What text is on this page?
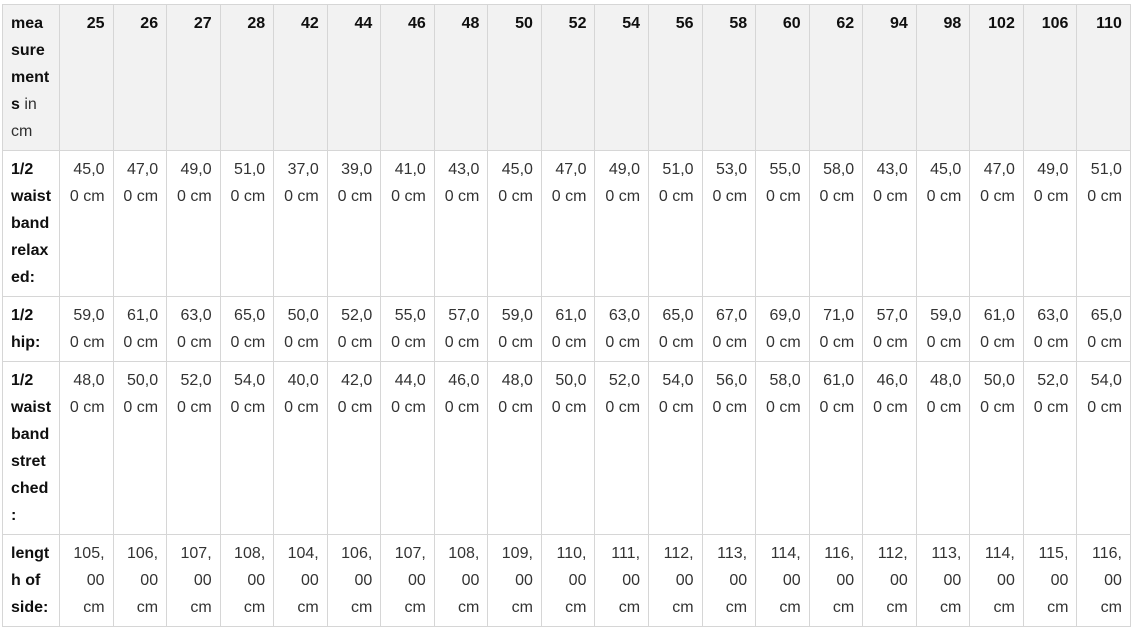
measurements in cm	25	26	27	28	42	44	46	48	50	52	54	56	58	60	62	94	98	102	106	110
1/2 waistband relaxed:	45,00 cm	47,00 cm	49,00 cm	51,00 cm	37,00 cm	39,00 cm	41,00 cm	43,00 cm	45,00 cm	47,00 cm	49,00 cm	51,00 cm	53,00 cm	55,00 cm	58,00 cm	43,00 cm	45,00 cm	47,00 cm	49,00 cm	51,00 cm
1/2 hip:	59,00 cm	61,00 cm	63,00 cm	65,00 cm	50,00 cm	52,00 cm	55,00 cm	57,00 cm	59,00 cm	61,00 cm	63,00 cm	65,00 cm	67,00 cm	69,00 cm	71,00 cm	57,00 cm	59,00 cm	61,00 cm	63,00 cm	65,00 cm
1/2 waistband stretched:	48,00 cm	50,00 cm	52,00 cm	54,00 cm	40,00 cm	42,00 cm	44,00 cm	46,00 cm	48,00 cm	50,00 cm	52,00 cm	54,00 cm	56,00 cm	58,00 cm	61,00 cm	46,00 cm	48,00 cm	50,00 cm	52,00 cm	54,00 cm
length of side:	105,00 cm	106,00 cm	107,00 cm	108,00 cm	104,00 cm	106,00 cm	107,00 cm	108,00 cm	109,00 cm	110,00 cm	111,00 cm	112,00 cm	113,00 cm	114,00 cm	116,00 cm	112,00 cm	113,00 cm	114,00 cm	115,00 cm	116,00 cm
